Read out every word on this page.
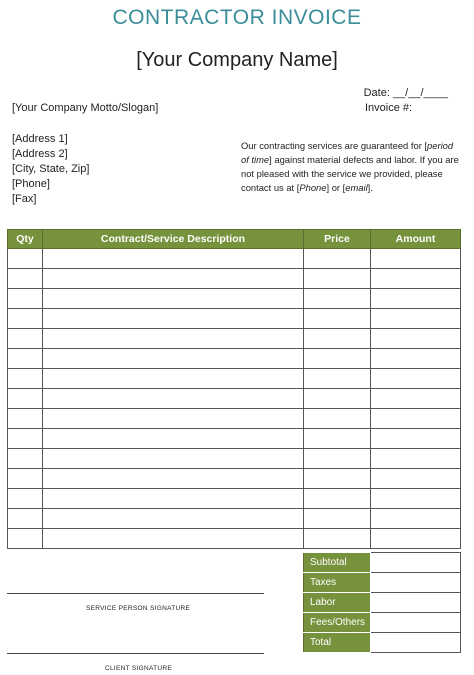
CONTRACTOR INVOICE
[Your Company Name]
Date: __/__/____
[Your Company Motto/Slogan]	Invoice #:
[Address 1]
[Address 2]
[City, State, Zip]
[Phone]
[Fax]
Our contracting services are guaranteed for [period of time] against material defects and labor. If you are not pleased with the service we provided, please contact us at [Phone] or [email].
Qty	Contract/Service Description	Price	Amount

Subtotal	
Taxes	
Labor	
Fees/Others	
Total	
SERVICE PERSON SIGNATURE
CLIENT SIGNATURE
